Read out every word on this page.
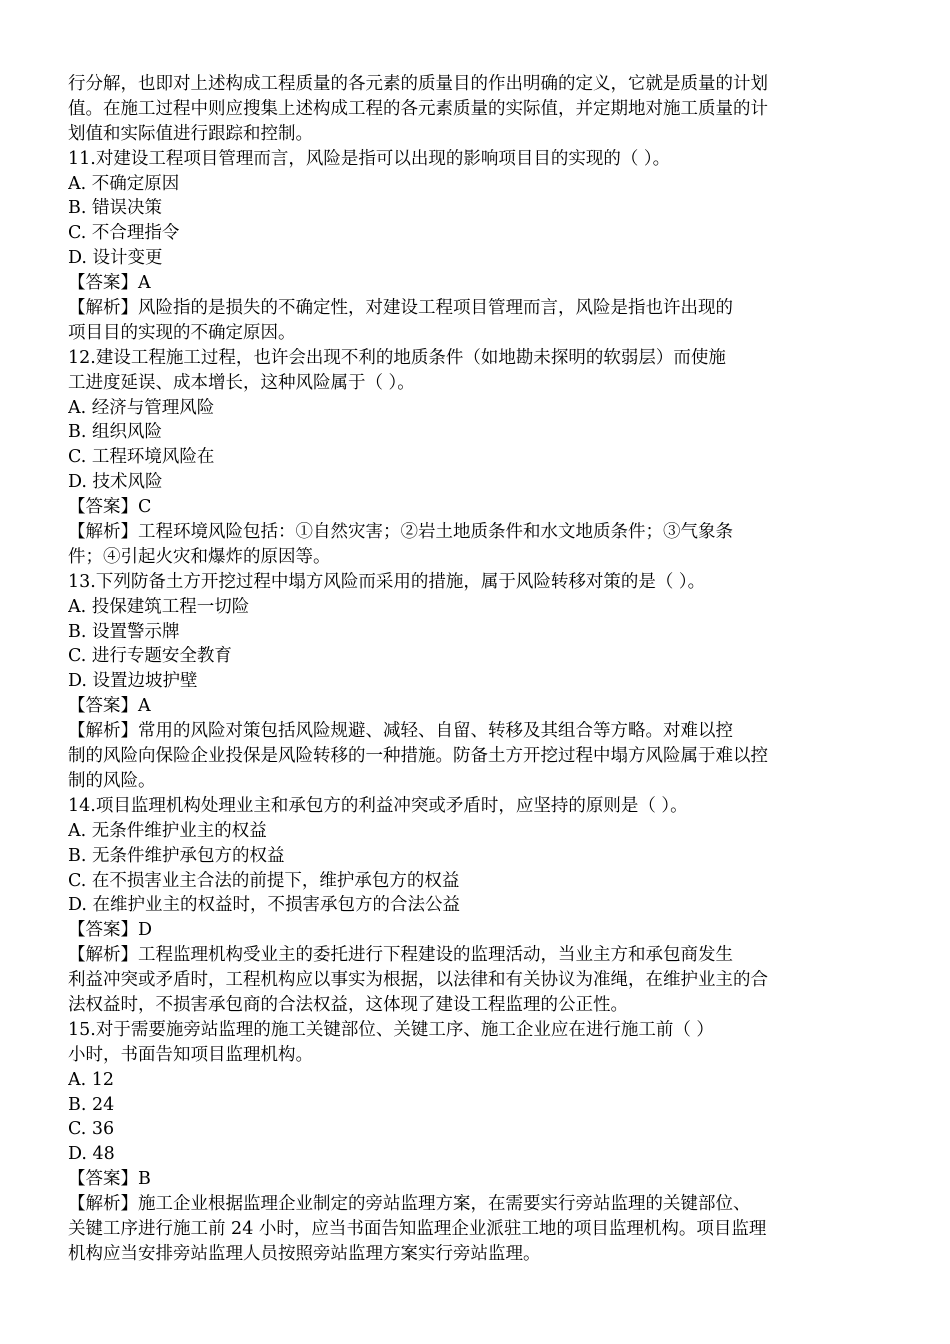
行分解，也即对上述构成工程质量的各元素的质量目的作出明确的定义，它就是质量的计划
值。在施工过程中则应搜集上述构成工程的各元素质量的实际值，并定期地对施工质量的计
划值和实际值进行跟踪和控制。
11.对建设工程项目管理而言，风险是指可以出现的影响项目目的实现的（ ）。
A. 不确定原因
B. 错误决策
C. 不合理指令
D. 设计变更
【答案】A
【解析】风险指的是损失的不确定性，对建设工程项目管理而言，风险是指也许出现的
项目目的实现的不确定原因。
12.建设工程施工过程，也许会出现不利的地质条件（如地勘未探明的软弱层）而使施
工进度延误、成本增长，这种风险属于（ ）。
A. 经济与管理风险
B. 组织风险
C. 工程环境风险在
D. 技术风险
【答案】C
【解析】工程环境风险包括：①自然灾害；②岩土地质条件和水文地质条件；③气象条
件；④引起火灾和爆炸的原因等。
13.下列防备土方开挖过程中塌方风险而采用的措施，属于风险转移对策的是（ ）。
A. 投保建筑工程一切险
B. 设置警示牌
C. 进行专题安全教育
D. 设置边坡护壁
【答案】A
【解析】常用的风险对策包括风险规避、减轻、自留、转移及其组合等方略。对难以控
制的风险向保险企业投保是风险转移的一种措施。防备土方开挖过程中塌方风险属于难以控
制的风险。
14.项目监理机构处理业主和承包方的利益冲突或矛盾时，应坚持的原则是（ ）。
A. 无条件维护业主的权益
B. 无条件维护承包方的权益
C. 在不损害业主合法的前提下，维护承包方的权益
D. 在维护业主的权益时，不损害承包方的合法公益
【答案】D
【解析】工程监理机构受业主的委托进行下程建设的监理活动，当业主方和承包商发生
利益冲突或矛盾时，工程机构应以事实为根据，以法律和有关协议为准绳，在维护业主的合
法权益时，不损害承包商的合法权益，这体现了建设工程监理的公正性。
15.对于需要施旁站监理的施工关键部位、关键工序、施工企业应在进行施工前（ ）
小时，书面告知项目监理机构。
A. 12
B. 24
C. 36
D. 48
【答案】B
【解析】施工企业根据监理企业制定的旁站监理方案，在需要实行旁站监理的关键部位、
关键工序进行施工前 24 小时，应当书面告知监理企业派驻工地的项目监理机构。项目监理
机构应当安排旁站监理人员按照旁站监理方案实行旁站监理。
